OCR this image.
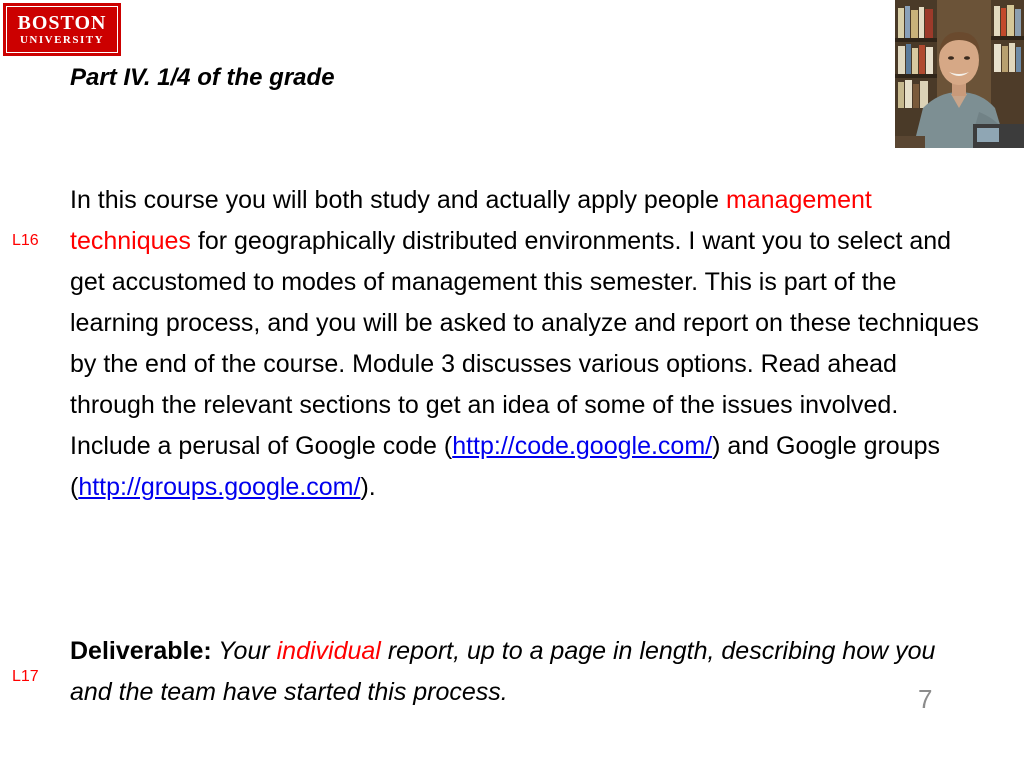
BOSTON
UNIVERSITY
Part IV. 1/4 of the grade
L16

In this course you will both study and actually apply people management techniques for geographically distributed environments. I want you to select and get accustomed to modes of management this semester. This is part of the learning process, and you will be asked to analyze and report on these techniques by the end of the course. Module 3 discusses various options. Read ahead through the relevant sections to get an idea of some of the issues involved. Include a perusal of Google code (http://code.google.com/) and Google groups (http://groups.google.com/).

L17

Deliverable: Your individual report, up to a page in length, describing how you and the team have started this process.	7
